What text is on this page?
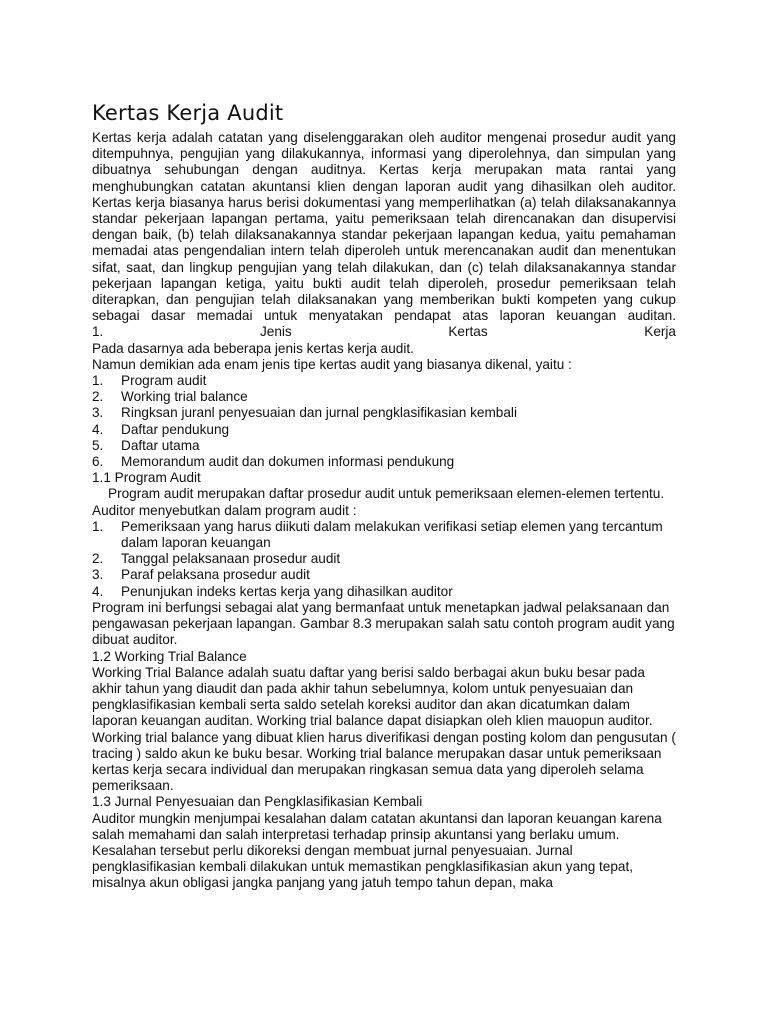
Kertas Kerja Audit

Kertas kerja adalah catatan yang diselenggarakan oleh auditor mengenai prosedur audit yang ditempuhnya, pengujian yang dilakukannya, informasi yang diperolehnya, dan simpulan yang dibuatnya sehubungan dengan auditnya. Kertas kerja merupakan mata rantai yang menghubungkan catatan akuntansi klien dengan laporan audit yang dihasilkan oleh auditor.

Kertas kerja biasanya harus berisi dokumentasi yang memperlihatkan (a) telah dilaksanakannya standar pekerjaan lapangan pertama, yaitu pemeriksaan telah direncanakan dan disupervisi dengan baik, (b) telah dilaksanakannya standar pekerjaan lapangan kedua, yaitu pemahaman memadai atas pengendalian intern telah diperoleh untuk merencanakan audit dan menentukan sifat, saat, dan lingkup pengujian yang telah dilakukan, dan (c) telah dilaksanakannya standar pekerjaan lapangan ketiga, yaitu bukti audit telah diperoleh, prosedur pemeriksaan telah diterapkan, dan pengujian telah dilaksanakan yang memberikan bukti kompeten yang cukup sebagai dasar memadai untuk menyatakan pendapat atas laporan keuangan auditan.

1. Jenis Kertas Kerja

Pada dasarnya ada beberapa jenis kertas kerja audit.

Namun demikian ada enam jenis tipe kertas audit yang biasanya dikenal, yaitu :

1.	Program audit
2.	Working trial balance
3.	Ringksan juranl penyesuaian dan jurnal pengklasifikasian kembali
4.	Daftar pendukung
5.	Daftar utama
6.	Memorandum audit dan dokumen informasi pendukung

1.1 Program Audit

Program audit merupakan daftar prosedur audit untuk pemeriksaan elemen-elemen tertentu.

Auditor menyebutkan dalam program audit :

1.	Pemeriksaan yang harus diikuti dalam melakukan verifikasi setiap elemen yang tercantum dalam laporan keuangan
2.	Tanggal pelaksanaan prosedur audit
3.	Paraf pelaksana prosedur audit
4.	Penunjukan indeks kertas kerja yang dihasilkan auditor

Program ini berfungsi sebagai alat yang bermanfaat untuk menetapkan jadwal pelaksanaan dan pengawasan pekerjaan lapangan. Gambar 8.3 merupakan salah satu contoh program audit yang dibuat auditor.

1.2 Working Trial Balance

Working Trial Balance adalah suatu daftar yang berisi saldo berbagai akun buku besar pada akhir tahun yang diaudit dan pada akhir tahun sebelumnya, kolom untuk penyesuaian dan pengklasifikasian kembali serta saldo setelah koreksi auditor dan akan dicatumkan dalam laporan keuangan auditan. Working trial balance dapat disiapkan oleh klien mauopun auditor. Working trial balance yang dibuat klien harus diverifikasi dengan posting kolom dan pengusutan ( tracing ) saldo akun ke buku besar. Working trial balance merupakan dasar untuk pemeriksaan kertas kerja secara individual dan merupakan ringkasan semua data yang diperoleh selama pemeriksaan.

1.3 Jurnal Penyesuaian dan Pengklasifikasian Kembali

Auditor mungkin menjumpai kesalahan dalam catatan akuntansi dan laporan keuangan karena salah memahami dan salah interpretasi terhadap prinsip akuntansi yang berlaku umum. Kesalahan tersebut perlu dikoreksi dengan membuat jurnal penyesuaian. Jurnal pengklasifikasian kembali dilakukan untuk memastikan pengklasifikasian akun yang tepat, misalnya akun obligasi jangka panjang yang jatuh tempo tahun depan, maka
